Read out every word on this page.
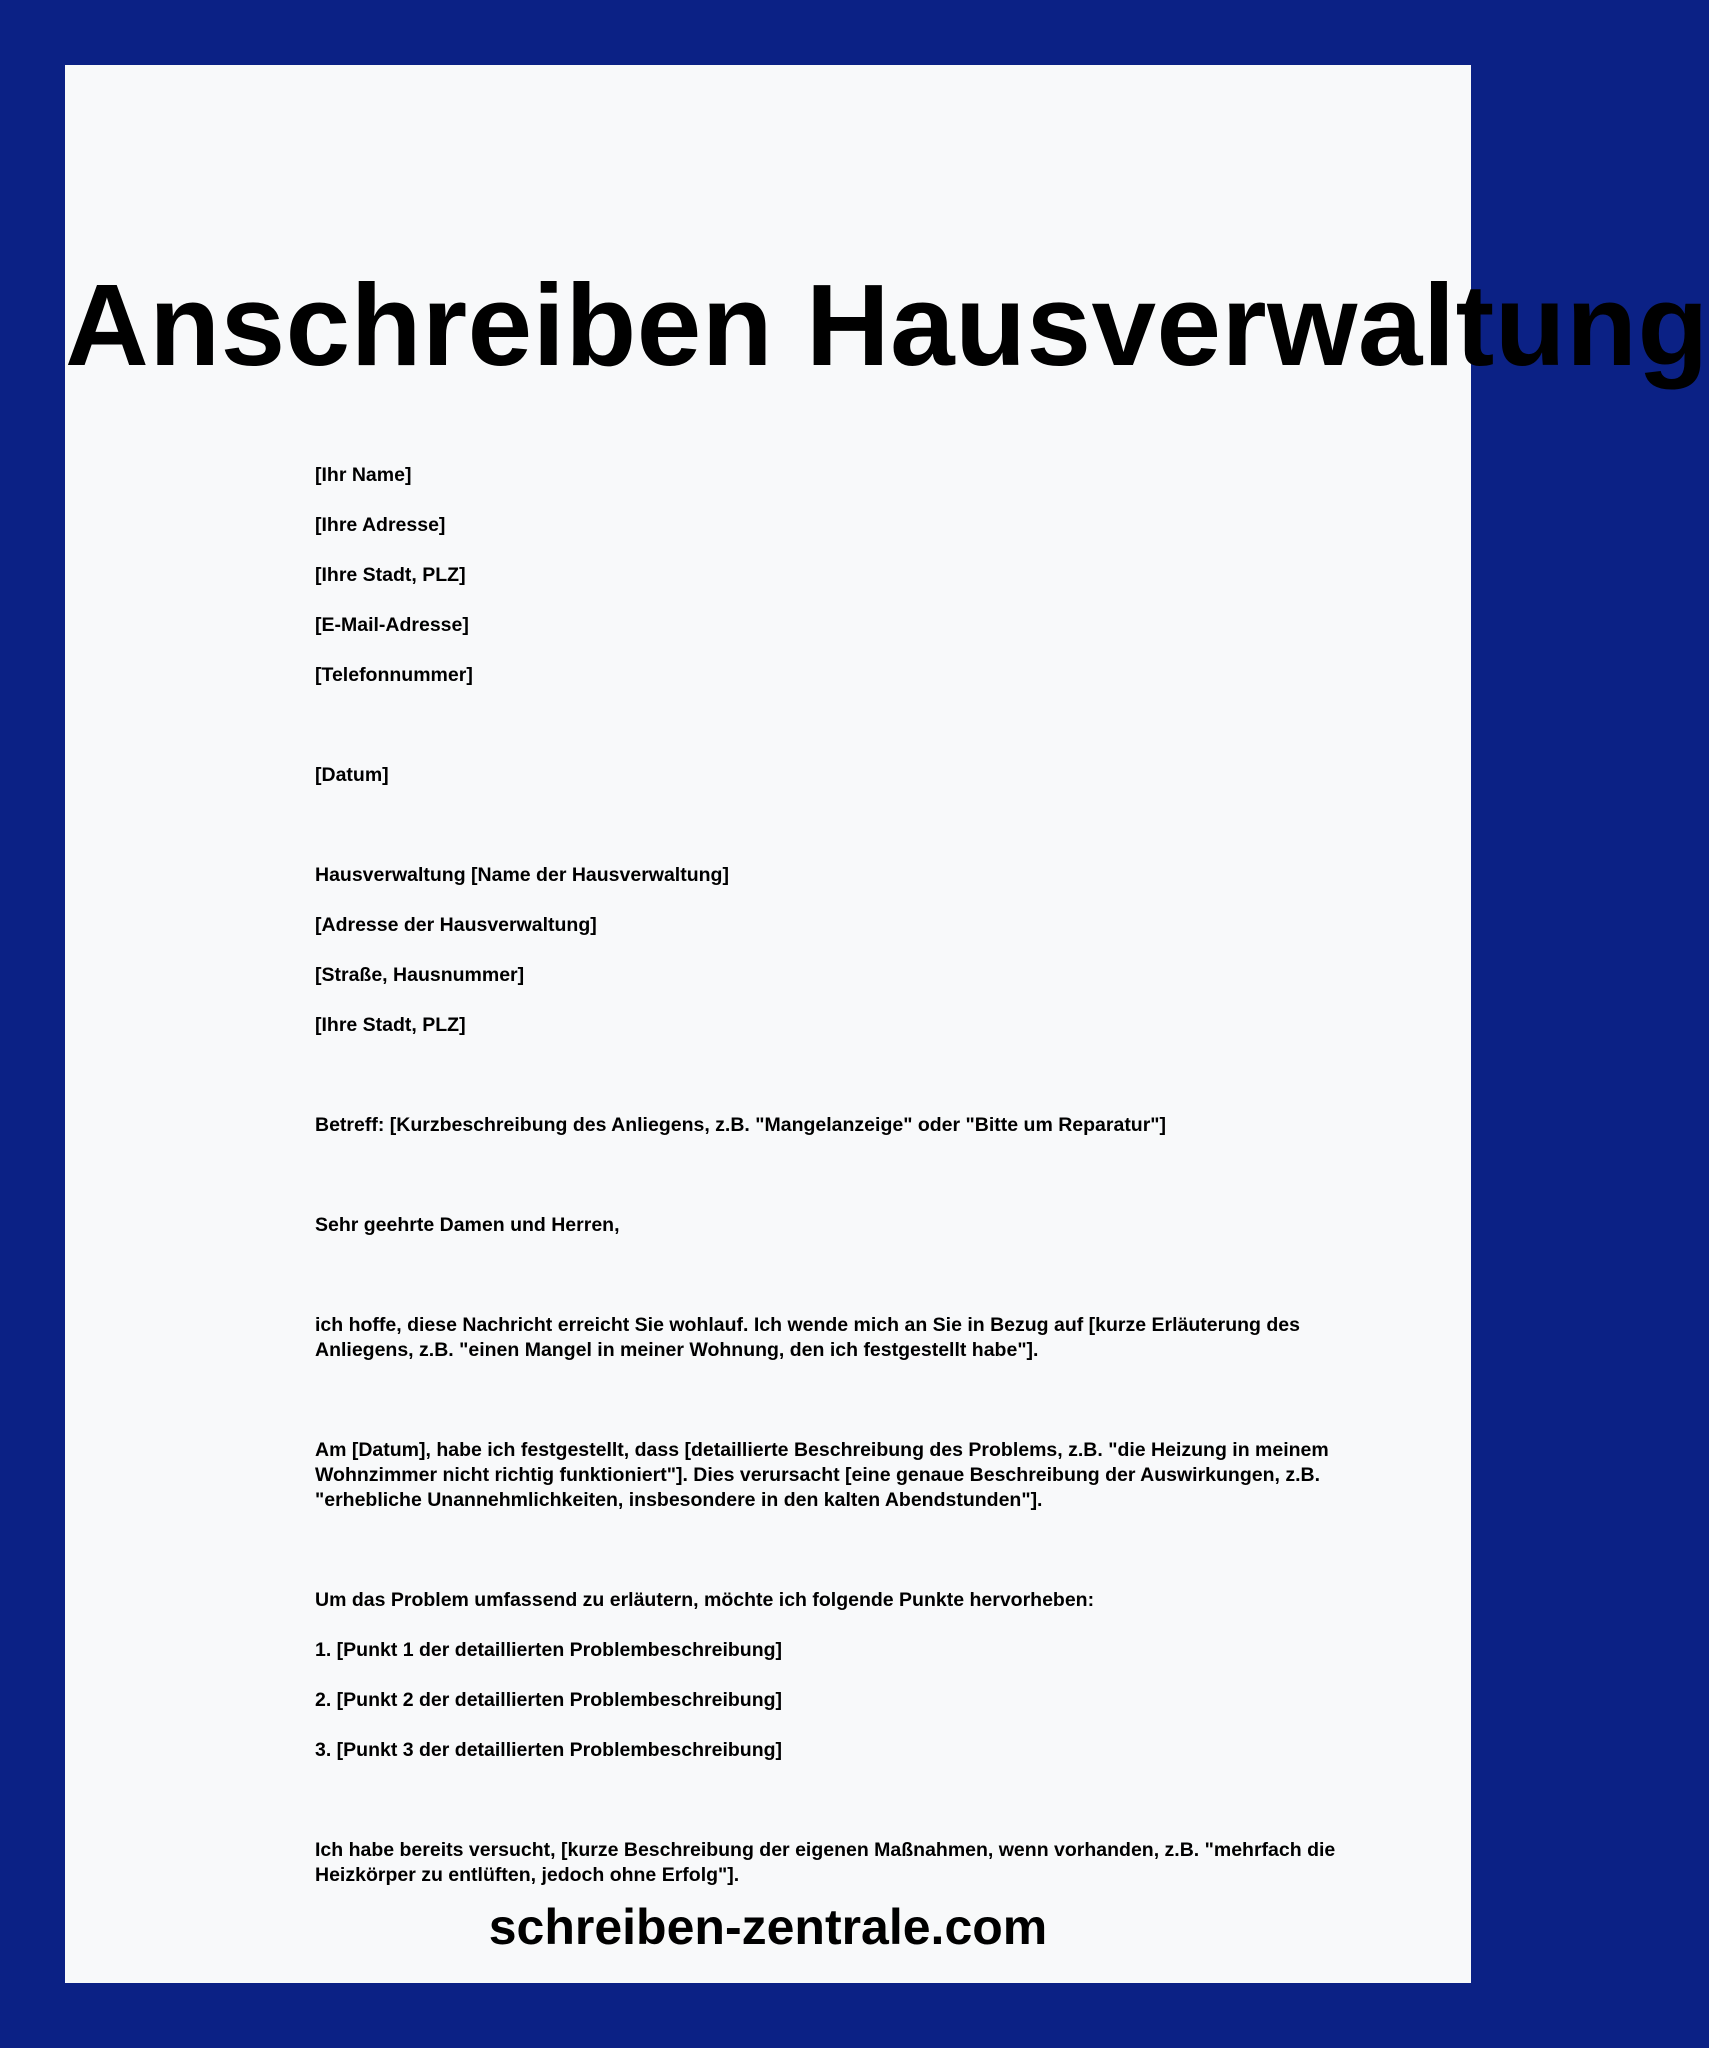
Anschreiben Hausverwaltung

[Ihr Name]

[Ihre Adresse]

[Ihre Stadt, PLZ]

[E-Mail-Adresse]

[Telefonnummer]

[Datum]

Hausverwaltung [Name der Hausverwaltung]

[Adresse der Hausverwaltung]

[Straße, Hausnummer]

[Ihre Stadt, PLZ]

Betreff: [Kurzbeschreibung des Anliegens, z.B. "Mangelanzeige" oder "Bitte um Reparatur"]

Sehr geehrte Damen und Herren,

ich hoffe, diese Nachricht erreicht Sie wohlauf. Ich wende mich an Sie in Bezug auf [kurze Erläuterung des Anliegens, z.B. "einen Mangel in meiner Wohnung, den ich festgestellt habe"].

Am [Datum], habe ich festgestellt, dass [detaillierte Beschreibung des Problems, z.B. "die Heizung in meinem Wohnzimmer nicht richtig funktioniert"]. Dies verursacht [eine genaue Beschreibung der Auswirkungen, z.B. "erhebliche Unannehmlichkeiten, insbesondere in den kalten Abendstunden"].

Um das Problem umfassend zu erläutern, möchte ich folgende Punkte hervorheben:

1. [Punkt 1 der detaillierten Problembeschreibung]

2. [Punkt 2 der detaillierten Problembeschreibung]

3. [Punkt 3 der detaillierten Problembeschreibung]

Ich habe bereits versucht, [kurze Beschreibung der eigenen Maßnahmen, wenn vorhanden, z.B. "mehrfach die Heizkörper zu entlüften, jedoch ohne Erfolg"].

schreiben-zentrale.com
